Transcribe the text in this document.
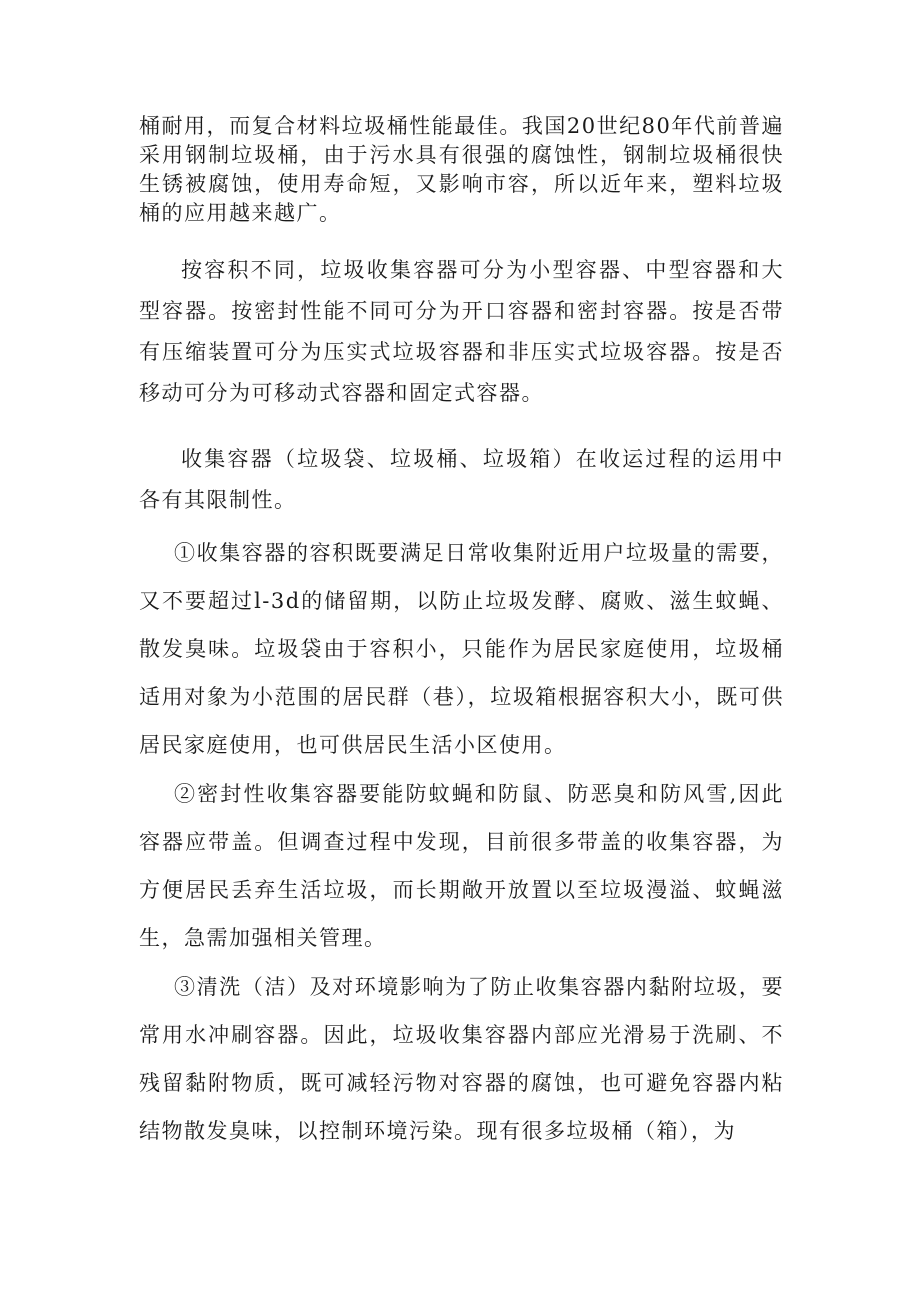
桶耐用，而复合材料垃圾桶性能最佳。我国20世纪80年代前普遍采用钢制垃圾桶，由于污水具有很强的腐蚀性，钢制垃圾桶很快生锈被腐蚀，使用寿命短，又影响市容，所以近年来，塑料垃圾桶的应用越来越广。

按容积不同，垃圾收集容器可分为小型容器、中型容器和大型容器。按密封性能不同可分为开口容器和密封容器。按是否带有压缩装置可分为压实式垃圾容器和非压实式垃圾容器。按是否移动可分为可移动式容器和固定式容器。

收集容器（垃圾袋、垃圾桶、垃圾箱）在收运过程的运用中各有其限制性。

①收集容器的容积既要满足日常收集附近用户垃圾量的需要，又不要超过l-3d的储留期，以防止垃圾发酵、腐败、滋生蚊蝇、散发臭味。垃圾袋由于容积小，只能作为居民家庭使用，垃圾桶适用对象为小范围的居民群（巷），垃圾箱根据容积大小，既可供居民家庭使用，也可供居民生活小区使用。

②密封性收集容器要能防蚊蝇和防鼠、防恶臭和防风雪,因此容器应带盖。但调查过程中发现，目前很多带盖的收集容器，为方便居民丢弃生活垃圾，而长期敞开放置以至垃圾漫溢、蚊蝇滋生，急需加强相关管理。

③清洗（洁）及对环境影响为了防止收集容器内黏附垃圾，要常用水冲刷容器。因此，垃圾收集容器内部应光滑易于洗刷、不残留黏附物质，既可减轻污物对容器的腐蚀，也可避免容器内粘结物散发臭味，以控制环境污染。现有很多垃圾桶（箱），为
